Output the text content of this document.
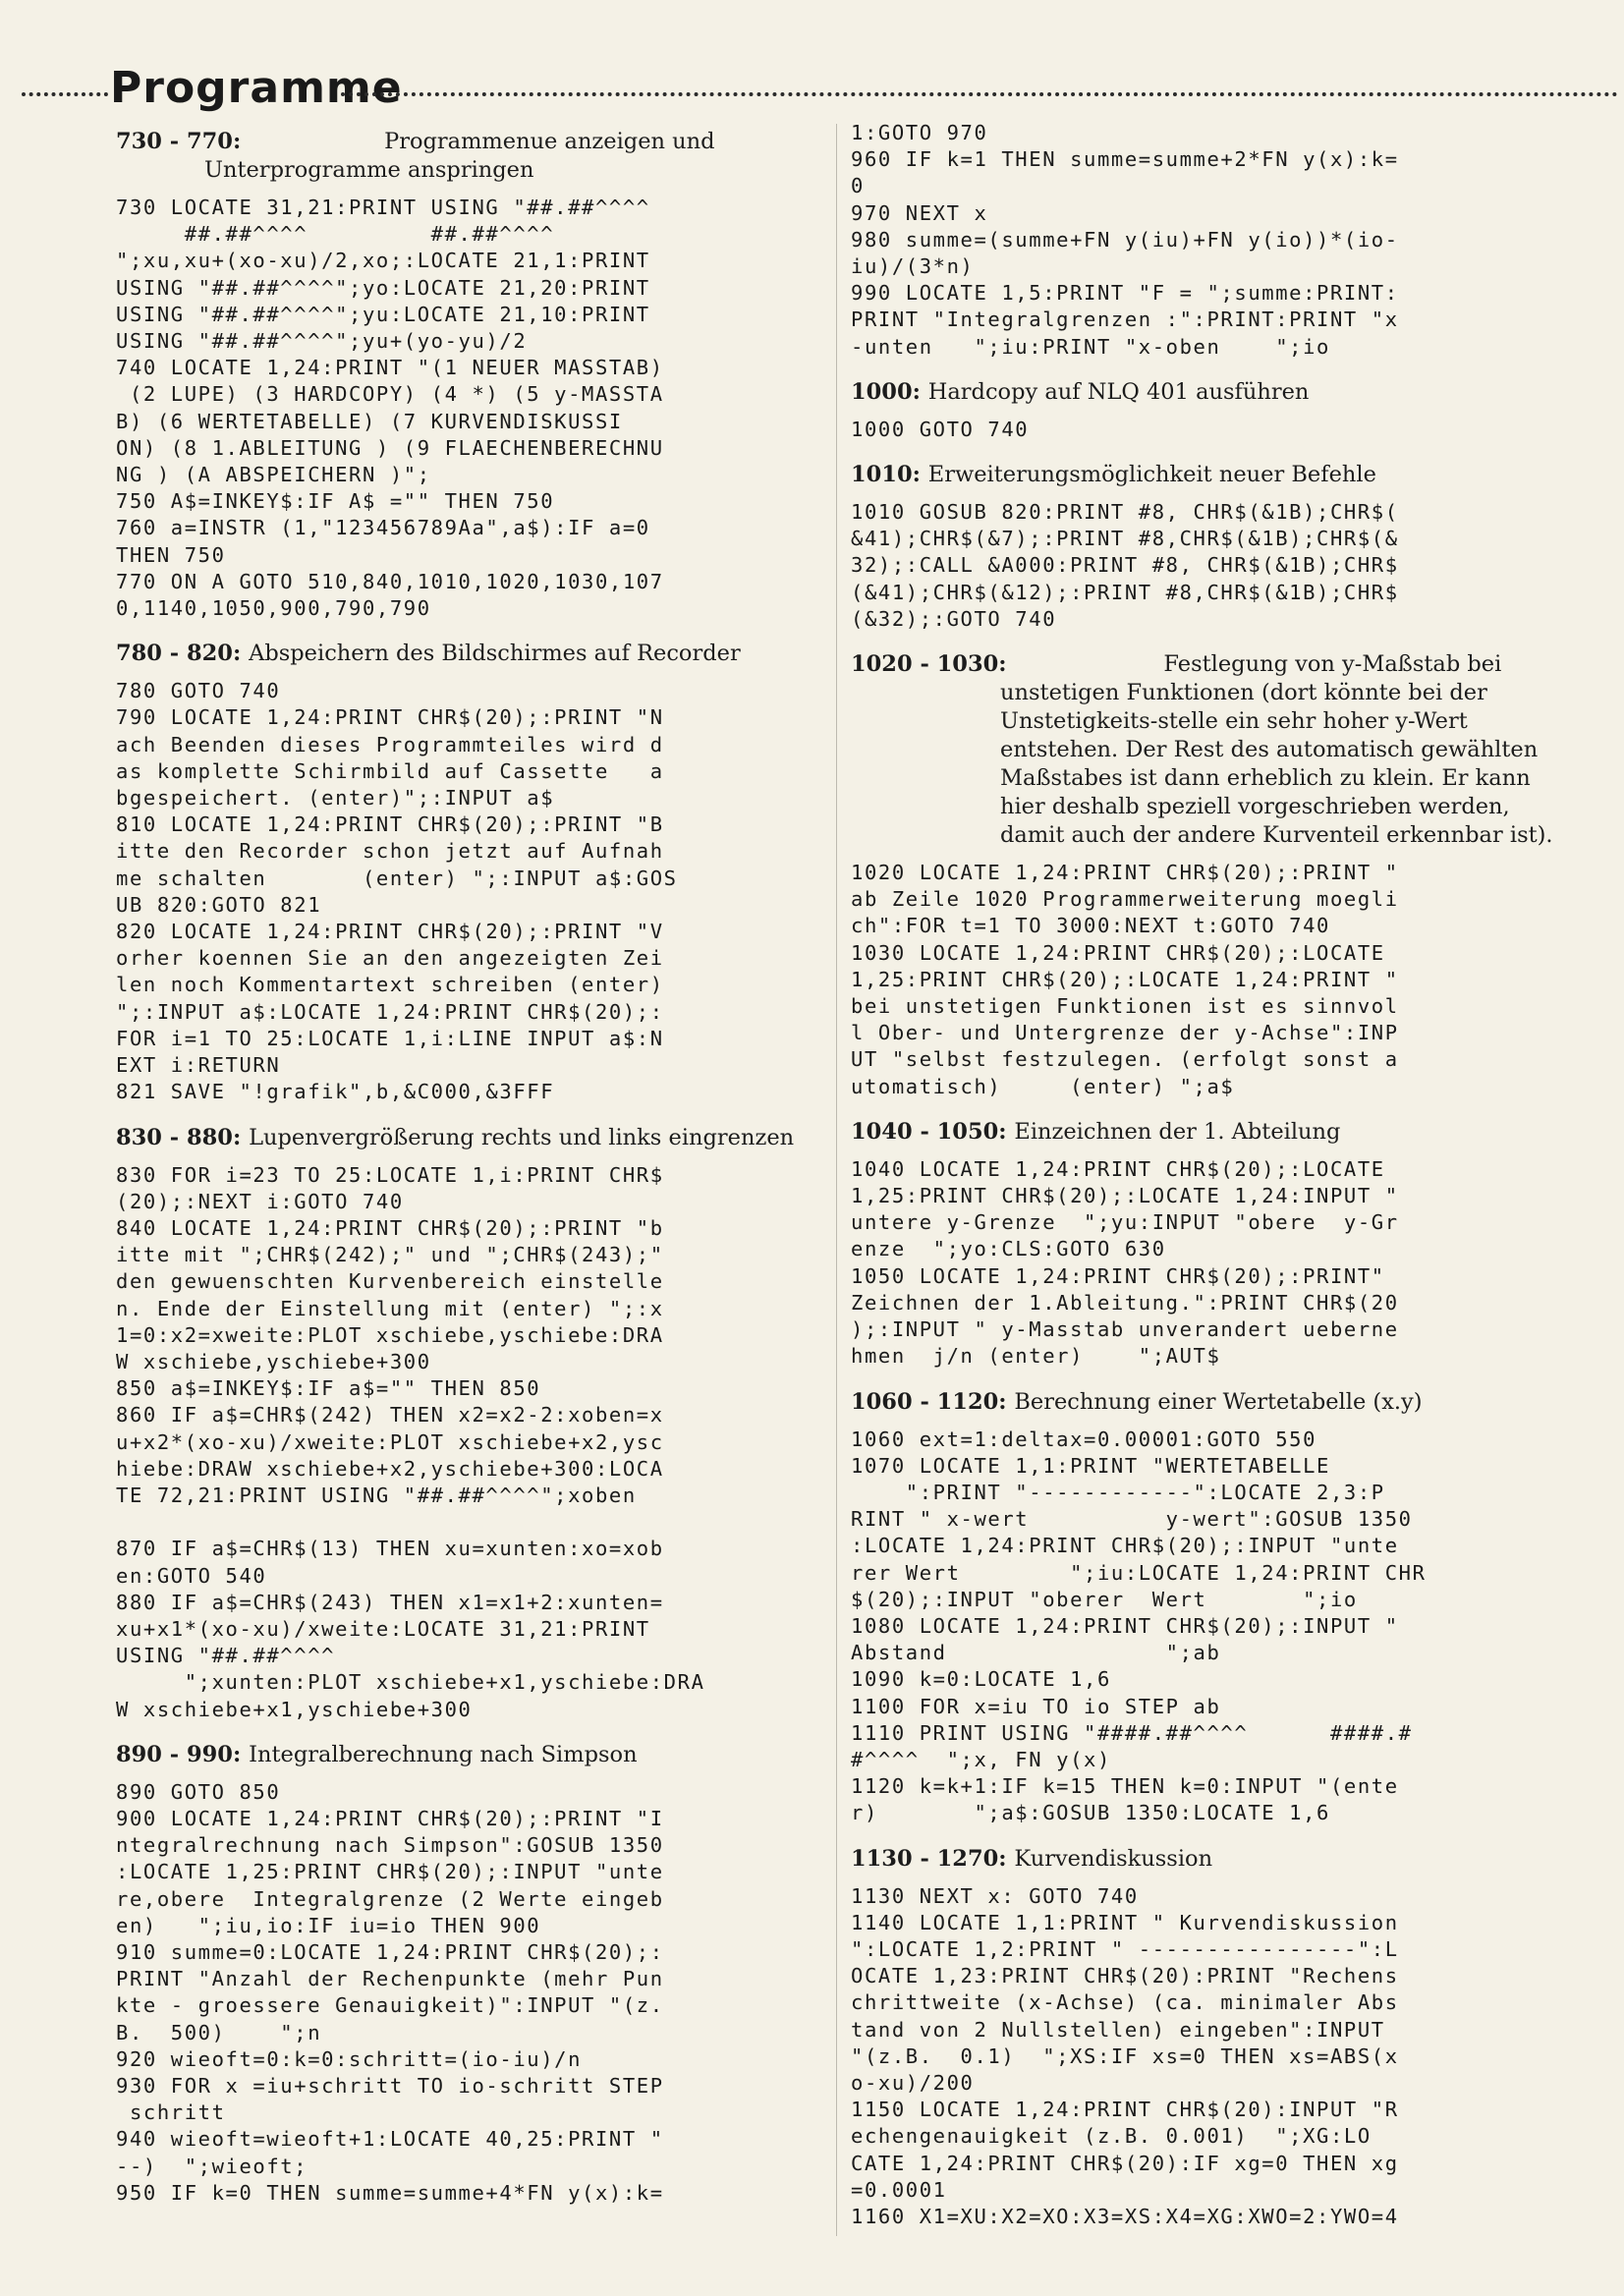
Programme
730 - 770:	Programmenue anzeigen und Unterprogramme anspringen
730 LOCATE 31,21:PRINT USING "##.##^^^^
##.##^^^^         ##.##^^^^
";xu,xu+(xo-xu)/2,xo;:LOCATE 21,1:PRINT
USING "##.##^^^^";yo:LOCATE 21,20:PRINT
USING "##.##^^^^";yu:LOCATE 21,10:PRINT
USING "##.##^^^^";yu+(yo-yu)/2
740 LOCATE 1,24:PRINT "(1 NEUER MASSTAB)
(2 LUPE) (3 HARDCOPY) (4 *) (5 y-MASSTA
B) (6 WERTETABELLE) (7 KURVENDISKUSSI
ON) (8 1.ABLEITUNG ) (9 FLAECHENBERECHNU
NG ) (A ABSPEICHERN )";
750 A$=INKEY$:IF A$ ="" THEN 750
760 a=INSTR (1,"123456789Aa",a$):IF a=0
THEN 750
770 ON A GOTO 510,840,1010,1020,1030,107
0,1140,1050,900,790,790
780 - 820: Abspeichern des Bildschirmes auf Recorder
780 GOTO 740
790 LOCATE 1,24:PRINT CHR$(20);:PRINT "N
ach Beenden dieses Programmteiles wird d
as komplette Schirmbild auf Cassette   a
bgespeichert. (enter)";:INPUT a$
810 LOCATE 1,24:PRINT CHR$(20);:PRINT "B
itte den Recorder schon jetzt auf Aufnah
me schalten       (enter) ";:INPUT a$:GOS
UB 820:GOTO 821
820 LOCATE 1,24:PRINT CHR$(20);:PRINT "V
orher koennen Sie an den angezeigten Zei
len noch Kommentartext schreiben (enter)
";:INPUT a$:LOCATE 1,24:PRINT CHR$(20);:
FOR i=1 TO 25:LOCATE 1,i:LINE INPUT a$:N
EXT i:RETURN
821 SAVE "!grafik",b,&C000,&3FFF
830 - 880: Lupenvergrößerung rechts und links eingrenzen
830 FOR i=23 TO 25:LOCATE 1,i:PRINT CHR$
(20);:NEXT i:GOTO 740
840 LOCATE 1,24:PRINT CHR$(20);:PRINT "b
itte mit ";CHR$(242);" und ";CHR$(243);"
den gewuenschten Kurvenbereich einstelle
n. Ende der Einstellung mit (enter) ";:x
1=0:x2=xweite:PLOT xschiebe,yschiebe:DRA
W xschiebe,yschiebe+300
850 a$=INKEY$:IF a$="" THEN 850
860 IF a$=CHR$(242) THEN x2=x2-2:xoben=x
u+x2*(xo-xu)/xweite:PLOT xschiebe+x2,ysc
hiebe:DRAW xschiebe+x2,yschiebe+300:LOCA
TE 72,21:PRINT USING "##.##^^^^";xoben

870 IF a$=CHR$(13) THEN xu=xunten:xo=xob
en:GOTO 540
880 IF a$=CHR$(243) THEN x1=x1+2:xunten=
xu+x1*(xo-xu)/xweite:LOCATE 31,21:PRINT
USING "##.##^^^^
";xunten:PLOT xschiebe+x1,yschiebe:DRA
W xschiebe+x1,yschiebe+300
890 - 990: Integralberechnung nach Simpson
890 GOTO 850
900 LOCATE 1,24:PRINT CHR$(20);:PRINT "I
ntegralrechnung nach Simpson":GOSUB 1350
:LOCATE 1,25:PRINT CHR$(20);:INPUT "unte
re,obere  Integralgrenze (2 Werte eingeb
en)   ";iu,io:IF iu=io THEN 900
910 summe=0:LOCATE 1,24:PRINT CHR$(20);:
PRINT "Anzahl der Rechenpunkte (mehr Pun
kte - groessere Genauigkeit)":INPUT "(z.
B.  500)    ";n
920 wieoft=0:k=0:schritt=(io-iu)/n
930 FOR x =iu+schritt TO io-schritt STEP
schritt
940 wieoft=wieoft+1:LOCATE 40,25:PRINT "
--)  ";wieoft;
950 IF k=0 THEN summe=summe+4*FN y(x):k=
1:GOTO 970
960 IF k=1 THEN summe=summe+2*FN y(x):k=
0
970 NEXT x
980 summe=(summe+FN y(iu)+FN y(io))*(io-
iu)/(3*n)
990 LOCATE 1,5:PRINT "F = ";summe:PRINT:
PRINT "Integralgrenzen :":PRINT:PRINT "x
-unten   ";iu:PRINT "x-oben    ";io
1000: Hardcopy auf NLQ 401 ausführen
1000 GOTO 740
1010: Erweiterungsmöglichkeit neuer Befehle
1010 GOSUB 820:PRINT #8, CHR$(&1B);CHR$(
&41);CHR$(&7);:PRINT #8,CHR$(&1B);CHR$(&
32);:CALL &A000:PRINT #8, CHR$(&1B);CHR$
(&41);CHR$(&12);:PRINT #8,CHR$(&1B);CHR$
(&32);:GOTO 740
1020 - 1030:	Festlegung von y-Maßstab bei unstetigen Funktionen (dort könnte bei der Unstetigkeits-stelle ein sehr hoher y-Wert entstehen. Der Rest des automatisch gewählten Maßstabes ist dann erheblich zu klein. Er kann hier deshalb speziell vorgeschrieben werden, damit auch der andere Kurventeil erkennbar ist).
1020 LOCATE 1,24:PRINT CHR$(20);:PRINT "
ab Zeile 1020 Programmerweiterung moegli
ch":FOR t=1 TO 3000:NEXT t:GOTO 740
1030 LOCATE 1,24:PRINT CHR$(20);:LOCATE
1,25:PRINT CHR$(20);:LOCATE 1,24:PRINT "
bei unstetigen Funktionen ist es sinnvol
l Ober- und Untergrenze der y-Achse":INP
UT "selbst festzulegen. (erfolgt sonst a
utomatisch)     (enter) ";a$
1040 - 1050: Einzeichnen der 1. Abteilung
1040 LOCATE 1,24:PRINT CHR$(20);:LOCATE
1,25:PRINT CHR$(20);:LOCATE 1,24:INPUT "
untere y-Grenze  ";yu:INPUT "obere  y-Gr
enze  ";yo:CLS:GOTO 630
1050 LOCATE 1,24:PRINT CHR$(20);:PRINT"
Zeichnen der 1.Ableitung.":PRINT CHR$(20
);:INPUT " y-Masstab unverandert ueberne
hmen  j/n (enter)    ";AUT$
1060 - 1120: Berechnung einer Wertetabelle (x.y)
1060 ext=1:deltax=0.00001:GOTO 550
1070 LOCATE 1,1:PRINT "WERTETABELLE
":PRINT "------------":LOCATE 2,3:P
RINT " x-wert          y-wert":GOSUB 1350
:LOCATE 1,24:PRINT CHR$(20);:INPUT "unte
rer Wert        ";iu:LOCATE 1,24:PRINT CHR
$(20);:INPUT "oberer  Wert       ";io
1080 LOCATE 1,24:PRINT CHR$(20);:INPUT "
Abstand                ";ab
1090 k=0:LOCATE 1,6
1100 FOR x=iu TO io STEP ab
1110 PRINT USING "####.##^^^^      ####.#
#^^^^  ";x, FN y(x)
1120 k=k+1:IF k=15 THEN k=0:INPUT "(ente
r)       ";a$:GOSUB 1350:LOCATE 1,6
1130 - 1270: Kurvendiskussion
1130 NEXT x: GOTO 740
1140 LOCATE 1,1:PRINT " Kurvendiskussion
":LOCATE 1,2:PRINT " ----------------":L
OCATE 1,23:PRINT CHR$(20):PRINT "Rechens
chrittweite (x-Achse) (ca. minimaler Abs
tand von 2 Nullstellen) eingeben":INPUT
"(z.B.  0.1)  ";XS:IF xs=0 THEN xs=ABS(x
o-xu)/200
1150 LOCATE 1,24:PRINT CHR$(20):INPUT "R
echengenauigkeit (z.B. 0.001)  ";XG:LO
CATE 1,24:PRINT CHR$(20):IF xg=0 THEN xg
=0.0001
1160 X1=XU:X2=XO:X3=XS:X4=XG:XWO=2:YWO=4
